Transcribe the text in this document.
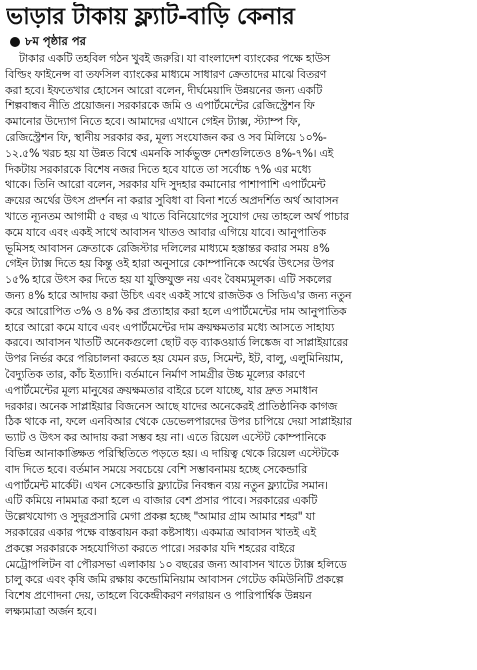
ভাড়ার টাকায় ফ্ল্যাট-বাড়ি কেনার
৮ম পৃষ্ঠার পর
টাকার একটি তহবিল গঠন খুবই জরুরি। যা বাংলাদেশ ব্যাংকের পক্ষে হাউস
বিল্ডিং ফাইনেন্স বা তফসিল ব্যাংকের মাধ্যমে সাধারণ ক্রেতাদের মাঝে বিতরণ
করা হবে। ইফতেখার হোসেন আরো বলেন, দীর্ঘমেয়াদি উন্নয়নের জন্য একটি
শিল্পবান্ধব নীতি প্রয়োজন। সরকারকে জমি ও এপার্টমেন্টের রেজিস্ট্রেশন ফি
কমানোর উদ্যোগ নিতে হবে। আমাদের এখানে গেইন ট্যাক্স, স্ট্যাম্প ফি,
রেজিস্ট্রেশন ফি, স্থানীয় সরকার কর, মূল্য সংযোজন কর ও সব মিলিয়ে ১০%-
১২.৫% খরচ হয় যা উন্নত বিশ্বে এমনকি সার্কভুক্ত দেশগুলিতেও ৪%-৭%। এই
দিকটায় সরকারকে বিশেষ নজর দিতে হবে যাতে তা সর্বোচ্চ ৭% এর মধ্যে
থাকে। তিনি আরো বলেন, সরকার যদি সুদহার কমানোর পাশাপাশি এপার্টমেন্ট
ক্রয়ের অর্থের উৎস প্রদর্শন না করার সুবিধা বা বিনা শর্তে অপ্রদর্শিত অর্থ আবাসন
খাতে ন্যূনতম আগামী ৫ বছর এ খাতে বিনিয়োগের সুযোগ দেয় তাহলে অর্থ পাচার
কমে যাবে এবং একই সাথে আবাসন খাতও আবার এগিয়ে যাবে। আনুপাতিক
ভূমিসহ আবাসন ক্রেতাকে রেজিস্টার দলিলের মাধ্যমে হস্তান্তর করার সময় ৪%
গেইন ট্যাক্স দিতে হয় কিন্তু ওই হারা অনুসারে কোম্পানিকে অর্থের উৎসের উপর
১৫% হারে উৎস কর দিতে হয় যা যুক্তিযুক্ত নয় এবং বৈষম্যমূলক। এটি সকলের
জন্য ৪% হারে আদায় করা উচিৎ এবং একই সাথে রাজউক ও সিডিএ'র জন্য নতুন
করে আরোপিত ৩% ও ৪% কর প্রত্যাহার করা হলে এপার্টমেন্টের দাম আনুপাতিক
হারে আরো কমে যাবে এবং এপার্টমেন্টের দাম ক্রয়ক্ষমতার মধ্যে আসতে সাহায্য
করবে। আবাসন খাতটি অনেকগুলো ছোট বড় ব্যাকওয়ার্ড লিঙ্কেজ বা সাপ্লাইয়ারের
উপর নির্ভর করে পরিচালনা করতে হয় যেমন রড, সিমেন্ট, ইট, বালু, এলুমিনিয়াম,
বৈদ্যুতিক তার, কাঁচ ইত্যাদি। বর্তমানে নির্মাণ সামগ্রীর উচ্চ মূল্যের কারণে
এপার্টমেন্টের মূল্য মানুষের ক্রয়ক্ষমতার বাইরে চলে যাচ্ছে, যার দ্রুত সমাধান
দরকার। অনেক সাপ্লাইয়ার বিজনেস আছে যাদের অনেকেরই প্রাতিষ্ঠানিক কাগজ
ঠিক থাকে না, ফলে এনবিআর থেকে ডেভেলপারদের উপর চাপিয়ে দেয়া সাপ্লাইয়ার
ভ্যাট ও উৎস কর আদায় করা সম্ভব হয় না। এতে রিয়েল এস্টেট কোম্পানিকে
বিভিন্ন আনাকাঙ্ক্ষিত পরিস্থিতিতে পড়তে হয়। এ দায়িত্ব থেকে রিয়েল এস্টেটকে
বাদ দিতে হবে। বর্তমান সময়ে সবচেয়ে বেশি সম্ভাবনাময় হচ্ছে সেকেন্ডারি
এপার্টমেন্ট মার্কেট। এখন সেকেন্ডারি ফ্ল্যাটের নিবন্ধন ব্যয় নতুন ফ্ল্যাটের সমান।
এটি কমিয়ে নামমাত্র করা হলে এ বাজার বেশ প্রসার পাবে। সরকারের একটি
উল্লেখযোগ্য ও সুদূরপ্রসারি মেগা প্রকল্প হচ্ছে "আমার গ্রাম আমার শহর" যা
সরকারের একার পক্ষে বাস্তবায়ন করা কষ্টসাধ্য। একমাত্র আবাসন খাতই এই
প্রকল্পে সরকারকে সহযোগিতা করতে পারে। সরকার যদি শহরের বাইরে
মেট্রোপলিটন বা পৌরসভা এলাকায় ১০ বছরের জন্য আবাসন খাতে ট্যাক্স হলিডে
চালু করে এবং কৃষি জমি রক্ষায় কন্ডোমিনিয়াম আবাসন গেটেড কমিউনিটি প্রকল্পে
বিশেষ প্রণোদনা দেয়, তাহলে বিকেন্দ্রীকরণ নগরায়ন ও পারিপার্শ্বিক উন্নয়ন
লক্ষ্যমাত্রা অর্জন হবে।
